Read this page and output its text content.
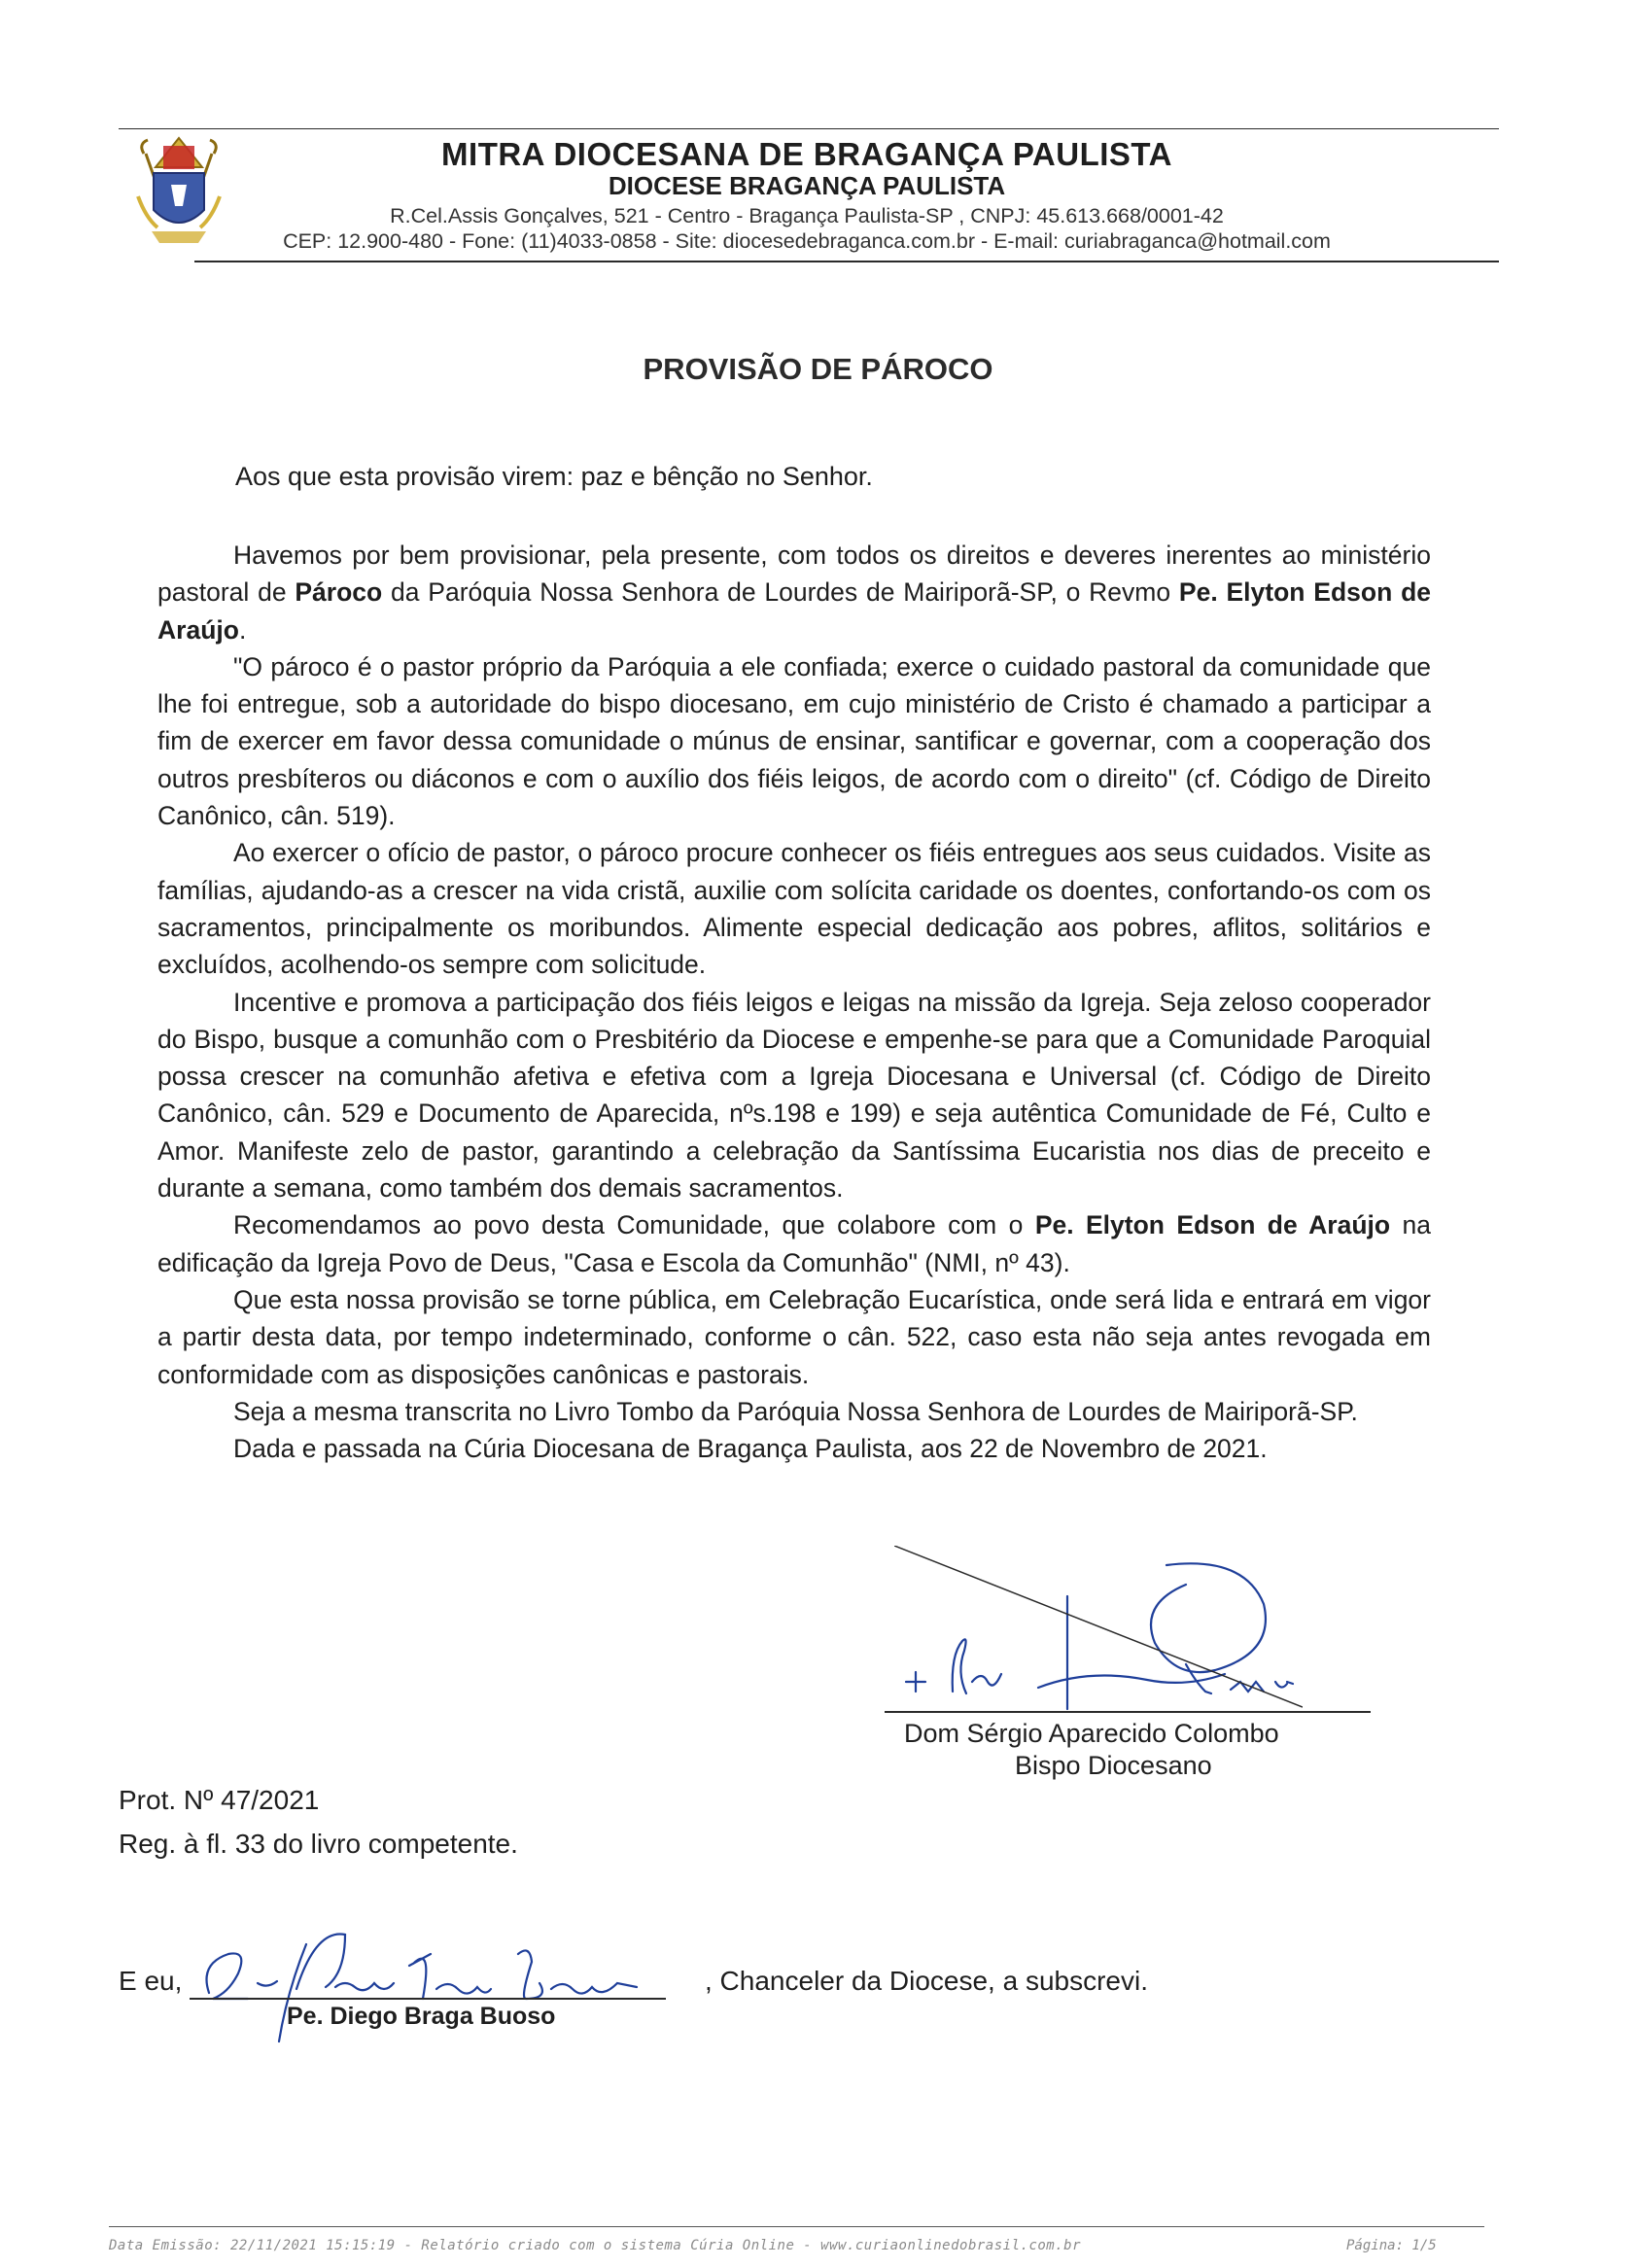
MITRA DIOCESANA DE BRAGANÇA PAULISTA
DIOCESE BRAGANÇA PAULISTA
R.Cel.Assis Gonçalves, 521 - Centro - Bragança Paulista-SP , CNPJ: 45.613.668/0001-42
CEP: 12.900-480 - Fone: (11)4033-0858 - Site: diocesedebraganca.com.br - E-mail: curiabraganca@hotmail.com
PROVISÃO DE PÁROCO
Aos que esta provisão virem: paz e bênção no Senhor.

Havemos por bem provisionar, pela presente, com todos os direitos e deveres inerentes ao ministério pastoral de Pároco da Paróquia Nossa Senhora de Lourdes de Mairiporã-SP, o Revmo Pe. Elyton Edson de Araújo.

"O pároco é o pastor próprio da Paróquia a ele confiada; exerce o cuidado pastoral da comunidade que lhe foi entregue, sob a autoridade do bispo diocesano, em cujo ministério de Cristo é chamado a participar a fim de exercer em favor dessa comunidade o múnus de ensinar, santificar e governar, com a cooperação dos outros presbíteros ou diáconos e com o auxílio dos fiéis leigos, de acordo com o direito" (cf. Código de Direito Canônico, cân. 519).

Ao exercer o ofício de pastor, o pároco procure conhecer os fiéis entregues aos seus cuidados. Visite as famílias, ajudando-as a crescer na vida cristã, auxilie com solícita caridade os doentes, confortando-os com os sacramentos, principalmente os moribundos. Alimente especial dedicação aos pobres, aflitos, solitários e excluídos, acolhendo-os sempre com solicitude.

Incentive e promova a participação dos fiéis leigos e leigas na missão da Igreja. Seja zeloso cooperador do Bispo, busque a comunhão com o Presbitério da Diocese e empenhe-se para que a Comunidade Paroquial possa crescer na comunhão afetiva e efetiva com a Igreja Diocesana e Universal (cf. Código de Direito Canônico, cân. 529 e Documento de Aparecida, nºs.198 e 199) e seja autêntica Comunidade de Fé, Culto e Amor. Manifeste zelo de pastor, garantindo a celebração da Santíssima Eucaristia nos dias de preceito e durante a semana, como também dos demais sacramentos.

Recomendamos ao povo desta Comunidade, que colabore com o Pe. Elyton Edson de Araújo na edificação da Igreja Povo de Deus, "Casa e Escola da Comunhão" (NMI, nº 43).

Que esta nossa provisão se torne pública, em Celebração Eucarística, onde será lida e entrará em vigor a partir desta data, por tempo indeterminado, conforme o cân. 522, caso esta não seja antes revogada em conformidade com as disposições canônicas e pastorais.

Seja a mesma transcrita no Livro Tombo da Paróquia Nossa Senhora de Lourdes de Mairiporã-SP.

Dada e passada na Cúria Diocesana de Bragança Paulista, aos 22 de Novembro de 2021.

Dom Sérgio Aparecido Colombo
Bispo Diocesano
Prot. Nº 47/2021
Reg. à fl. 33 do livro competente.
E eu,	, Chanceler da Diocese, a subscrevi.
Pe. Diego Braga Buoso
Data Emissão: 22/11/2021 15:15:19 - Relatório criado com o sistema Cúria Online - www.curiaonlinedobrasil.com.br	Página: 1/5
